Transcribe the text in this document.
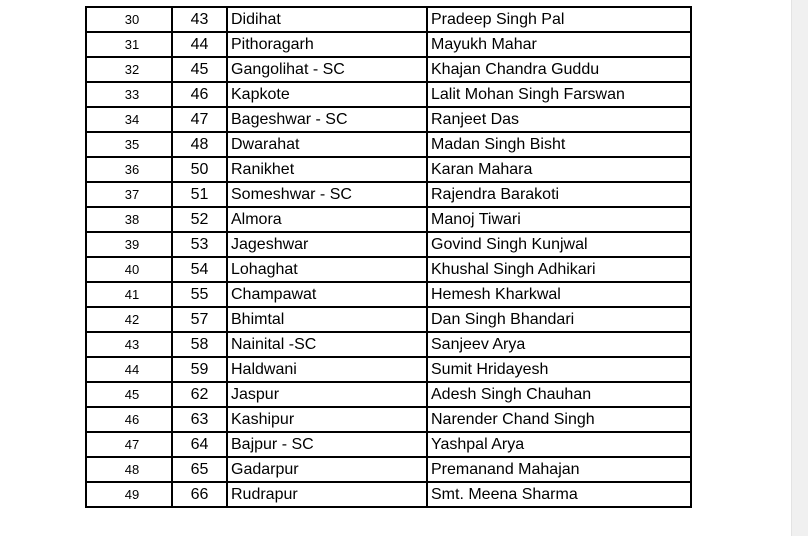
30	43	Didihat	Pradeep Singh Pal
31	44	Pithoragarh	Mayukh Mahar
32	45	Gangolihat - SC	Khajan Chandra Guddu
33	46	Kapkote	Lalit Mohan Singh Farswan
34	47	Bageshwar - SC	Ranjeet Das
35	48	Dwarahat	Madan Singh Bisht
36	50	Ranikhet	Karan Mahara
37	51	Someshwar - SC	Rajendra Barakoti
38	52	Almora	Manoj Tiwari
39	53	Jageshwar	Govind Singh Kunjwal
40	54	Lohaghat	Khushal Singh Adhikari
41	55	Champawat	Hemesh Kharkwal
42	57	Bhimtal	Dan Singh Bhandari
43	58	Nainital -SC	Sanjeev Arya
44	59	Haldwani	Sumit Hridayesh
45	62	Jaspur	Adesh Singh Chauhan
46	63	Kashipur	Narender Chand Singh
47	64	Bajpur - SC	Yashpal Arya
48	65	Gadarpur	Premanand Mahajan
49	66	Rudrapur	Smt. Meena Sharma
